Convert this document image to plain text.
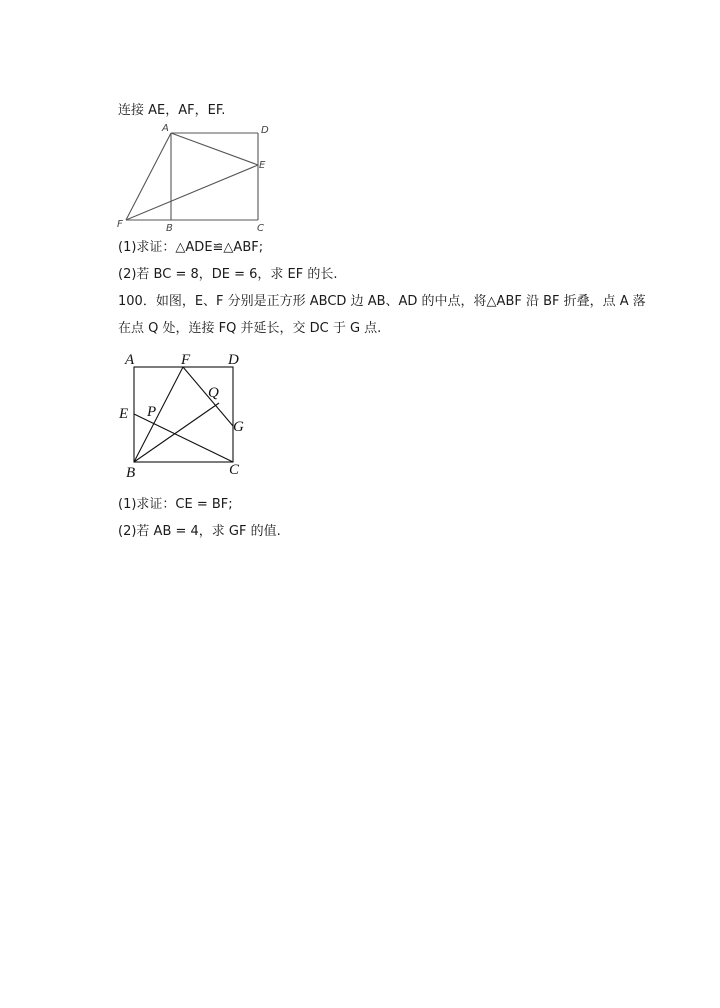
连接 AE，AF，EF.
A	D
E
F	B	C
(1)求证：△ADE≌△ABF;
(2)若 BC = 8，DE = 6，求 EF 的长.
100．如图，E、F 分别是正方形 ABCD 边 AB、AD 的中点，将△ABF 沿 BF 折叠，点 A 落
在点 Q 处，连接 FQ 并延长，交 DC 于 G 点.
A	F	D
Q
E P
G
B	C
(1)求证：CE = BF;
(2)若 AB = 4，求 GF 的值.
